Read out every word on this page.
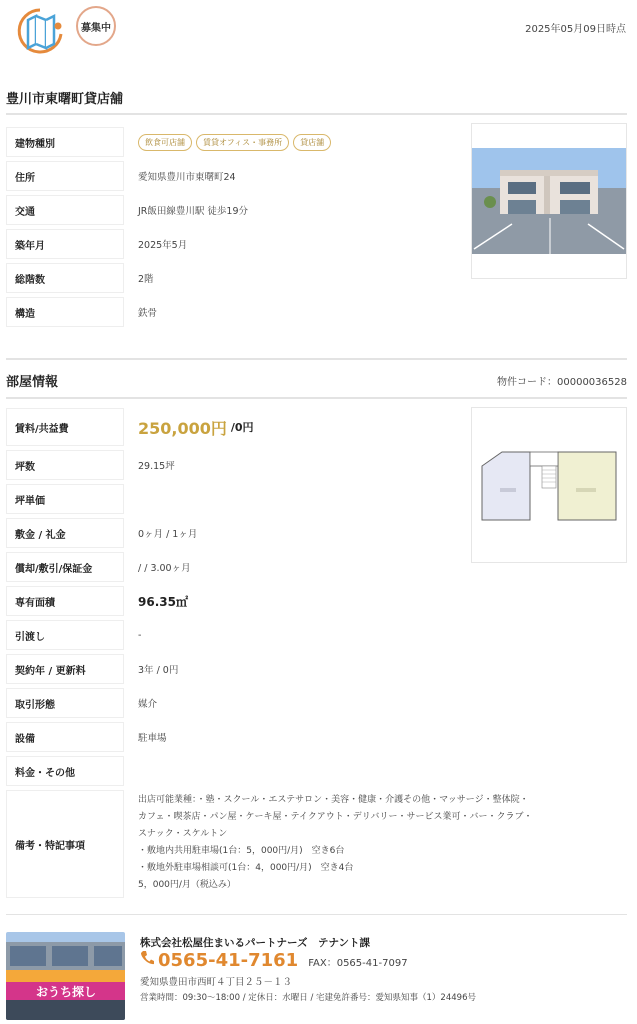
募集中	2025年05月09日時点
豊川市東曙町貸店舗
建物種別	飲食可店舗	賃貸オフィス・事務所	貸店舗
住所	愛知県豊川市東曙町24
交通	JR飯田線豊川駅 徒歩19分
築年月	2025年5月
総階数	2階
構造	鉄骨
部屋情報	物件コード：00000036528
賃料/共益費	250,000円 /0円
坪数	29.15坪
坪単価
敷金 / 礼金	0ヶ月 / 1ヶ月
償却/敷引/保証金	/ / 3.00ヶ月
専有面積	96.35㎡
引渡し	-
契約年 / 更新料	3年 / 0円
取引形態	媒介
設備	駐車場
料金・その他
備考・特記事項
出店可能業種：・塾・スクール・エステサロン・美容・健康・介護その他・マッサージ・整体院・
カフェ・喫茶店・パン屋・ケーキ屋・テイクアウト・デリバリー・サービス業可・バー・クラブ・
スナック・スケルトン
・敷地内共用駐車場(1台：5，000円/月)　空き6台
・敷地外駐車場相談可(1台：4，000円/月)　空き4台
5，000円/月（税込み）
おうち探し
株式会社松屋住まいるパートナーズ　テナント課
0565-41-7161 FAX：0565-41-7097
愛知県豊田市西町４丁目２５－１３
営業時間：09:30〜18:00 / 定休日：水曜日 / 宅建免許番号：愛知県知事（1）24496号
